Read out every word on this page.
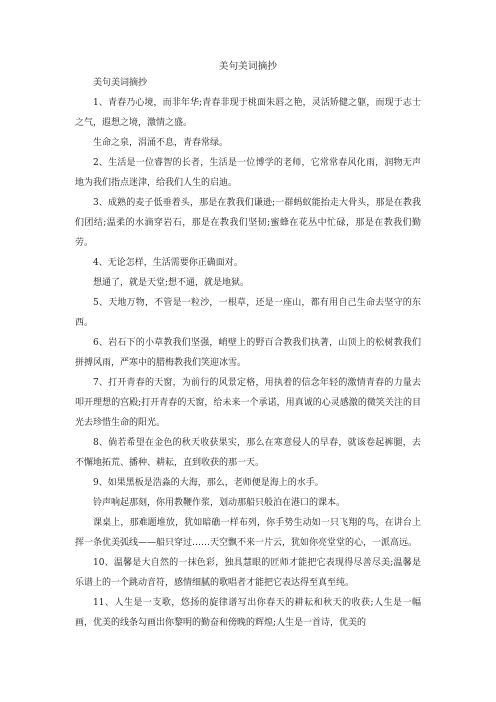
美句美词摘抄

美句美词摘抄

1、青春乃心境，而非年华;青春非现于桃面朱唇之艳，灵活矫健之躯，而现于志士之气，遐想之境，激情之盛。

生命之泉，涓涌不息，青春常绿。

2、生活是一位睿智的长者，生活是一位博学的老师，它常常春风化雨，润物无声地为我们指点迷津，给我们人生的启迪。

3、成熟的麦子低垂着头，那是在教我们谦逊;一群蚂蚁能抬走大骨头，那是在教我们团结;温柔的水滴穿岩石，那是在教我们坚韧;蜜蜂在花丛中忙碌，那是在教我们勤劳。

4、无论怎样，生活需要你正确面对。

想通了，就是天堂;想不通，就是地狱。

5、天地万物，不管是一粒沙，一根草，还是一座山，都有用自己生命去坚守的东西。

6、岩石下的小草教我们坚强，峭壁上的野百合教我们执著，山顶上的松树教我们拼搏风雨，严寒中的腊梅教我们笑迎冰雪。

7、打开青春的天窗，为前行的风景定格，用执着的信念年轻的激情青春的力量去叩开理想的宫殿;打开青春的天窗，给未来一个承诺，用真诚的心灵感激的微笑关注的目光去珍惜生命的阳光。

8、倘若希望在金色的秋天收获果实，那么在寒意侵人的早春，就该卷起裤腿，去不懈地拓荒、播种、耕耘，直到收获的那一天。

9、如果黑板是浩淼的大海，那么，老师便是海上的水手。

铃声响起那刻，你用教鞭作浆，划动那船只般泊在港口的课本。

课桌上，那难题堆放，犹如暗礁一样布列，你手势生动如一只飞翔的鸟，在讲台上挥一条优美弧线——船只穿过……天空飘不来一片云，犹如你亮堂堂的心，一派高远。

10、温馨是大自然的一抹色彩，独具慧眼的匠师才能把它表现得尽善尽美;温馨是乐谱上的一个跳动音符，感情细腻的歌唱者才能把它表达得至真至纯。

11、人生是一支歌，悠扬的旋律谱写出你春天的耕耘和秋天的收获;人生是一幅画，优美的线条勾画出你黎明的勤奋和傍晚的辉煌;人生是一首诗，优美的
